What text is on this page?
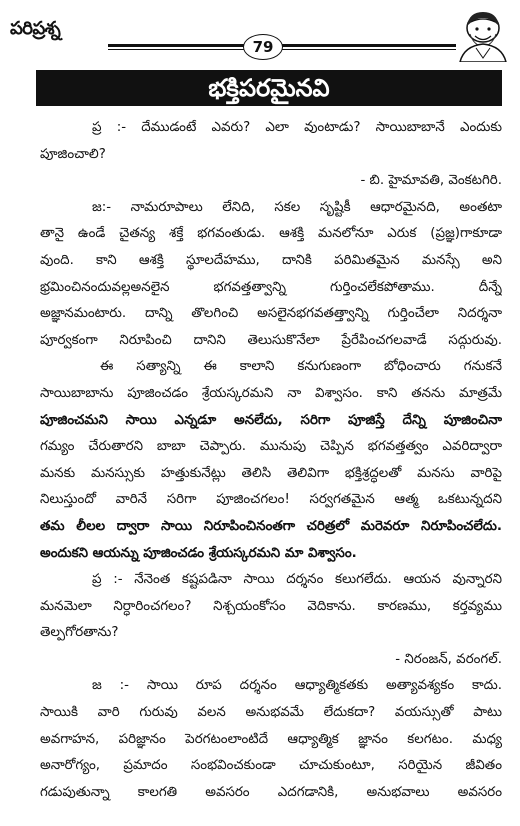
పరిప్రశ్న
79
భక్తిపరమైనవి
ప్ర :- దేముడంటే ఎవరు? ఎలా వుంటాడు? సాయిబాబానే ఎందుకు
పూజించాలి?
- బి. హైమావతి, వెంకటగిరి.
జ:- నామరూపాలు లేనిది, సకల సృష్టికీ ఆధారమైనది, అంతటా
తానై ఉండే చైతన్య శక్తే భగవంతుడు. ఆశక్తి మనలోనూ ఎరుక (ప్రజ్ఞ)గాకూడా
వుంది. కాని ఆశక్తి స్థూలదేహము, దానికి పరిమితమైన మనస్సే అని
భ్రమించినందువల్లఅనలైన భగవత్తత్వాన్ని గుర్తించలేకపోతాము. దీన్నే
అజ్ఞానమంటారు. దాన్ని తొలగించి అసలైనభగవతత్త్వాన్ని గుర్తించేలా నిదర్శనా
పూర్వకంగా నిరూపించి దానిని తెలుసుకొనేలా ప్రేరేపించగలవాడే సద్గురువు.
ఈ సత్యాన్ని ఈ కాలాని కనుగుణంగా బోధించారు గనుకనే
సాయిబాబాను పూజించడం శ్రేయస్కరమని నా విశ్వాసం. కాని తనను మాత్రమే
పూజించమని సాయి ఎన్నడూ అనలేదు, సరిగా పూజిస్తే దేన్ని పూజించినా
గమ్యం చేరుతారని బాబా చెప్పారు. మునుపు చెప్పిన భగవత్తత్వం ఎవరిద్వారా
మనకు మనస్సుకు హత్తుకునేట్లు తెలిసి తెలివిగా భక్తిశ్రద్ధలతో మనసు వారిపై
నిలుస్తుందో వారినే సరిగా పూజించగలం! సర్వగతమైన ఆత్మ ఒకటున్నదని
తమ లీలల ద్వారా సాయి నిరూపించినంతగా చరిత్రలో మరెవరూ నిరూపించలేదు.
అందుకని ఆయన్ను పూజించడం శ్రేయస్కరమని మా విశ్వాసం.
ప్ర :- నేనెంత కష్టపడినా సాయి దర్శనం కలుగలేదు. ఆయన వున్నారని
మనమెలా నిర్ధారించగలం? నిశ్చయంకోసం వెదికాను. కారణము, కర్తవ్యము
తెల్పగోరతాను?
- నిరంజన్, వరంగల్.
జ :- సాయి రూప దర్శనం ఆధ్యాత్మికతకు అత్యావశ్యకం కాదు.
సాయికి వారి గురువు వలన అనుభవమే లేదుకదా? వయస్సుతో పాటు
అవగాహన, పరిజ్ఞానం పెరగటంలాంటిదే ఆధ్యాత్మిక జ్ఞానం కలగటం. మధ్య
అనారోగ్యం, ప్రమాదం సంభవించకుండా చూచుకుంటూ, సరియైన జీవితం
గడుపుతున్నా కాలగతి అవసరం ఎదగడానికి, అనుభవాలు అవసరం
